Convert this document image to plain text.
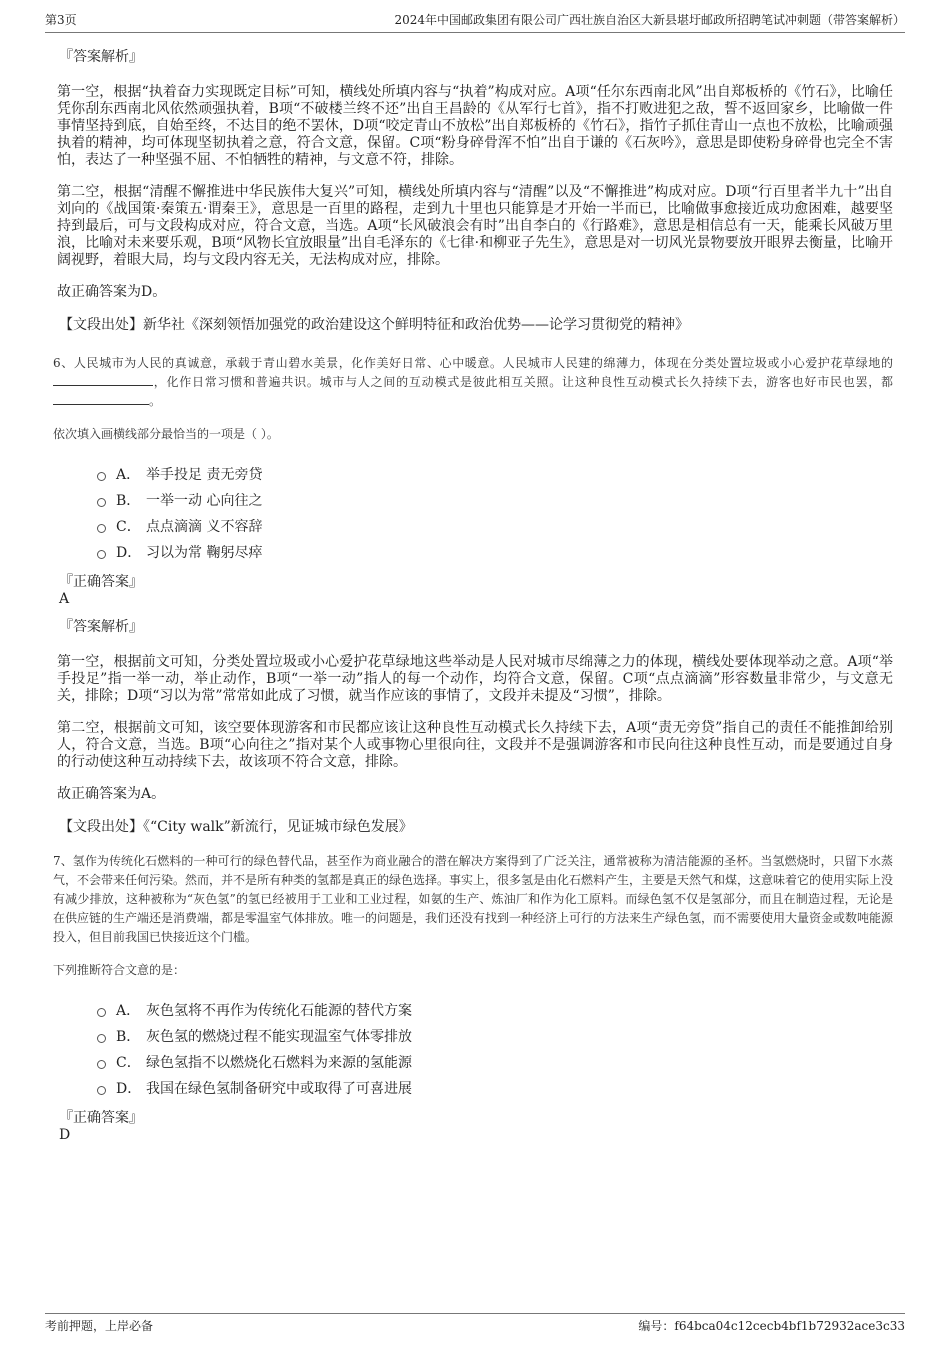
第3页	2024年中国邮政集团有限公司广西壮族自治区大新县堪圩邮政所招聘笔试冲刺题（带答案解析）
『答案解析』

第一空，根据“执着奋力实现既定目标”可知，横线处所填内容与“执着”构成对应。A项“任尔东西南北风”出自郑板桥的《竹石》，比喻任凭你刮东西南北风依然顽强执着，B项“不破楼兰终不还”出自王昌龄的《从军行七首》，指不打败进犯之敌，誓不返回家乡，比喻做一件事情坚持到底，自始至终，不达目的绝不罢休，D项“咬定青山不放松”出自郑板桥的《竹石》，指竹子抓住青山一点也不放松，比喻顽强执着的精神，均可体现坚韧执着之意，符合文意，保留。C项“粉身碎骨浑不怕”出自于谦的《石灰吟》，意思是即使粉身碎骨也完全不害怕，表达了一种坚强不屈、不怕牺牲的精神，与文意不符，排除。

第二空，根据“清醒不懈推进中华民族伟大复兴”可知，横线处所填内容与“清醒”以及“不懈推进”构成对应。D项“行百里者半九十”出自刘向的《战国策·秦策五·谓秦王》，意思是一百里的路程，走到九十里也只能算是才开始一半而已，比喻做事愈接近成功愈困难，越要坚持到最后，可与文段构成对应，符合文意，当选。A项“长风破浪会有时”出自李白的《行路难》，意思是相信总有一天，能乘长风破万里浪，比喻对未来要乐观，B项“风物长宜放眼量”出自毛泽东的《七律·和柳亚子先生》，意思是对一切风光景物要放开眼界去衡量，比喻开阔视野，着眼大局，均与文段内容无关，无法构成对应，排除。

故正确答案为D。

【文段出处】新华社《深刻领悟加强党的政治建设这个鲜明特征和政治优势——论学习贯彻党的精神》

6、人民城市为人民的真诚意，承载于青山碧水美景，化作美好日常、心中暖意。人民城市人民建的绵薄力，体现在分类处置垃圾或小心爱护花草绿地的，化作日常习惯和普遍共识。城市与人之间的互动模式是彼此相互关照。让这种良性互动模式长久持续下去，游客也好市民也罢，都。

依次填入画横线部分最恰当的一项是（ ）。
A． 举手投足 责无旁贷
B． 一举一动 心向往之
C． 点点滴滴 义不容辞
D． 习以为常 鞠躬尽瘁
『正确答案』
A
『答案解析』

第一空，根据前文可知，分类处置垃圾或小心爱护花草绿地这些举动是人民对城市尽绵薄之力的体现，横线处要体现举动之意。A项“举手投足”指一举一动，举止动作，B项“一举一动”指人的每一个动作，均符合文意，保留。C项“点点滴滴”形容数量非常少，与文意无关，排除；D项“习以为常”常常如此成了习惯，就当作应该的事情了，文段并未提及“习惯”，排除。

第二空，根据前文可知，该空要体现游客和市民都应该让这种良性互动模式长久持续下去，A项“责无旁贷”指自己的责任不能推卸给别人，符合文意，当选。B项“心向往之”指对某个人或事物心里很向往，文段并不是强调游客和市民向往这种良性互动，而是要通过自身的行动使这种互动持续下去，故该项不符合文意，排除。

故正确答案为A。

【文段出处】《“City walk”新流行，见证城市绿色发展》

7、氢作为传统化石燃料的一种可行的绿色替代品，甚至作为商业融合的潜在解决方案得到了广泛关注，通常被称为清洁能源的圣杯。当氢燃烧时，只留下水蒸气，不会带来任何污染。然而，并不是所有种类的氢都是真正的绿色选择。事实上，很多氢是由化石燃料产生，主要是天然气和煤，这意味着它的使用实际上没有减少排放，这种被称为“灰色氢”的氢已经被用于工业和工业过程，如氨的生产、炼油厂和作为化工原料。而绿色氢不仅是氢部分，而且在制造过程，无论是在供应链的生产端还是消费端，都是零温室气体排放。唯一的问题是，我们还没有找到一种经济上可行的方法来生产绿色氢，而不需要使用大量资金或数吨能源投入，但目前我国已快接近这个门槛。

下列推断符合文意的是：
A． 灰色氢将不再作为传统化石能源的替代方案
B． 灰色氢的燃烧过程不能实现温室气体零排放
C． 绿色氢指不以燃烧化石燃料为来源的氢能源
D． 我国在绿色氢制备研究中或取得了可喜进展
『正确答案』
D
考前押题，上岸必备	编号：f64bca04c12cecb4bf1b72932ace3c33
